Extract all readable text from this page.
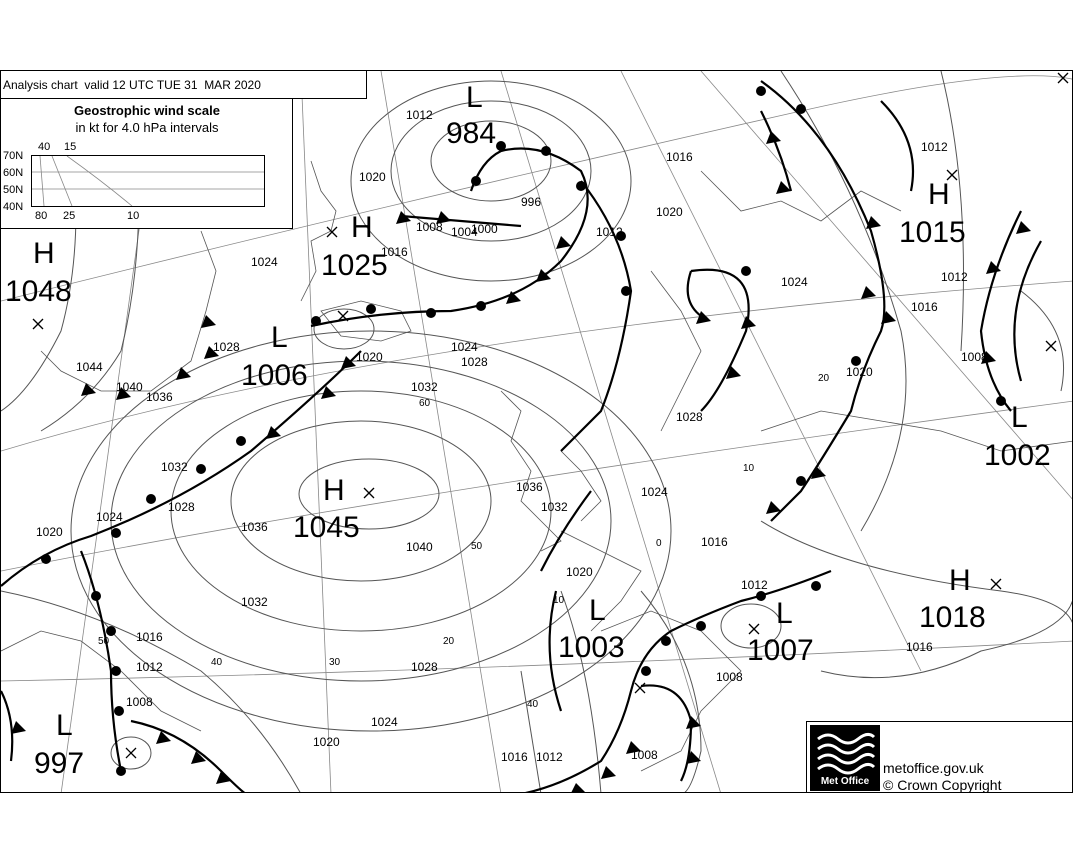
1012
1016
1020
1024
1028
1032
1036
1040
1044
1008
996
1000
1004
1024
1028
1024
1024
1016
1012
1008
1008
1016
1012
1020
1024
1028
1032
1032
1016
1012
1020
1016 1012
1020
1024
1028
1020
1016
1008
1008
1016
1012
1012
1020
1020
1028
1036
1032
1040
1036	60
50
40
30
20
40
50
20
10
0
10
Analysis chart  valid 12 UTC TUE 31  MAR 2020
Geostrophic wind scale
in kt for 4.0 hPa intervals
40 15
70N
60N
50N
40N
80 25	10
H
1048
H
1025
L
984
L
1006
H
1045
H
1015
L
1002
L
1003
L
1007
H
1018
L
997
Met Office
metoffice.gov.uk
© Crown Copyright
